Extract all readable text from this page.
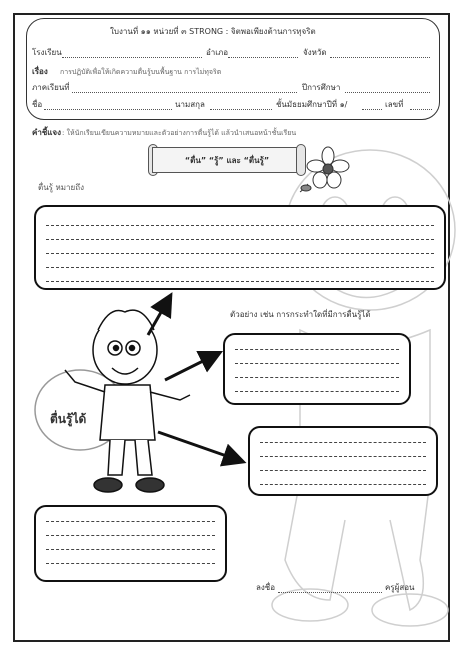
ใบงานที่ ๑๑ หน่วยที่ ๓ STRONG : จิตพอเพียงต้านการทุจริต
โรงเรียน	อำเภอ	จังหวัด
เรื่อง การปฏิบัติเพื่อให้เกิดความตื่นรู้บนพื้นฐาน การไม่ทุจริต
ภาคเรียนที่	ปีการศึกษา
ชื่อ	นามสกุล	ชั้นมัธยมศึกษาปีที่ ๑/	เลขที่
คำชี้แจง : ให้นักเรียนเขียนความหมายและตัวอย่างการตื่นรู้ได้ แล้วนำเสนอหน้าชั้นเรียน
“ตื่น” “รู้” และ “ตื่นรู้”
ตื่นรู้ หมายถึง
ตัวอย่าง เช่น การกระทำใดที่มีการตื่นรู้ได้
ตื่นรู้ได้
ลงชื่อ	ครูผู้สอน
